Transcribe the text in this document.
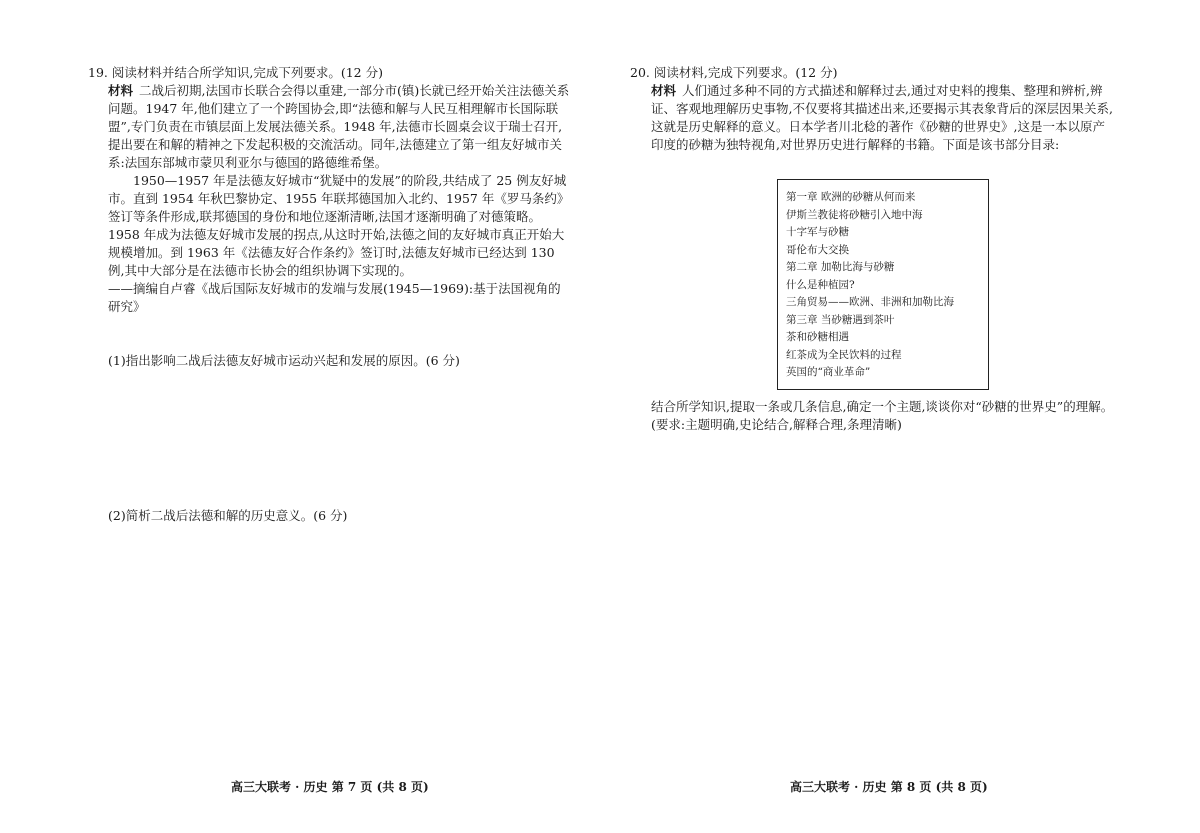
19. 阅读材料并结合所学知识,完成下列要求。(12 分)

材料 二战后初期,法国市长联合会得以重建,一部分市(镇)长就已经开始关注法德关系问题。1947 年,他们建立了一个跨国协会,即“法德和解与人民互相理解市长国际联盟”,专门负责在市镇层面上发展法德关系。1948 年,法德市长圆桌会议于瑞士召开,提出要在和解的精神之下发起积极的交流活动。同年,法德建立了第一组友好城市关系:法国东部城市蒙贝利亚尔与德国的路德维希堡。

1950—1957 年是法德友好城市“犹疑中的发展”的阶段,共结成了 25 例友好城市。直到 1954 年秋巴黎协定、1955 年联邦德国加入北约、1957 年《罗马条约》签订等条件形成,联邦德国的身份和地位逐渐清晰,法国才逐渐明确了对德策略。1958 年成为法德友好城市发展的拐点,从这时开始,法德之间的友好城市真正开始大规模增加。到 1963 年《法德友好合作条约》签订时,法德友好城市已经达到 130 例,其中大部分是在法德市长协会的组织协调下实现的。

——摘编自卢睿《战后国际友好城市的发端与发展(1945—1969):基于法国视角的研究》

(1)指出影响二战后法德友好城市运动兴起和发展的原因。(6 分)
(2)简析二战后法德和解的历史意义。(6 分)
高三大联考 · 历史 第 7 页 (共 8 页)
20. 阅读材料,完成下列要求。(12 分)

材料 人们通过多种不同的方式描述和解释过去,通过对史料的搜集、整理和辨析,辨证、客观地理解历史事物,不仅要将其描述出来,还要揭示其表象背后的深层因果关系,这就是历史解释的意义。日本学者川北稔的著作《砂糖的世界史》,这是一本以原产印度的砂糖为独特视角,对世界历史进行解释的书籍。下面是该书部分目录:

第一章 欧洲的砂糖从何而来
伊斯兰教徒将砂糖引入地中海
十字军与砂糖
哥伦布大交换
第二章 加勒比海与砂糖
什么是种植园?
三角贸易——欧洲、非洲和加勒比海
第三章 当砂糖遇到茶叶
茶和砂糖相遇
红茶成为全民饮料的过程
英国的“商业革命”
结合所学知识,提取一条或几条信息,确定一个主题,谈谈你对“砂糖的世界史”的理解。(要求:主题明确,史论结合,解释合理,条理清晰)
高三大联考 · 历史 第 8 页 (共 8 页)
